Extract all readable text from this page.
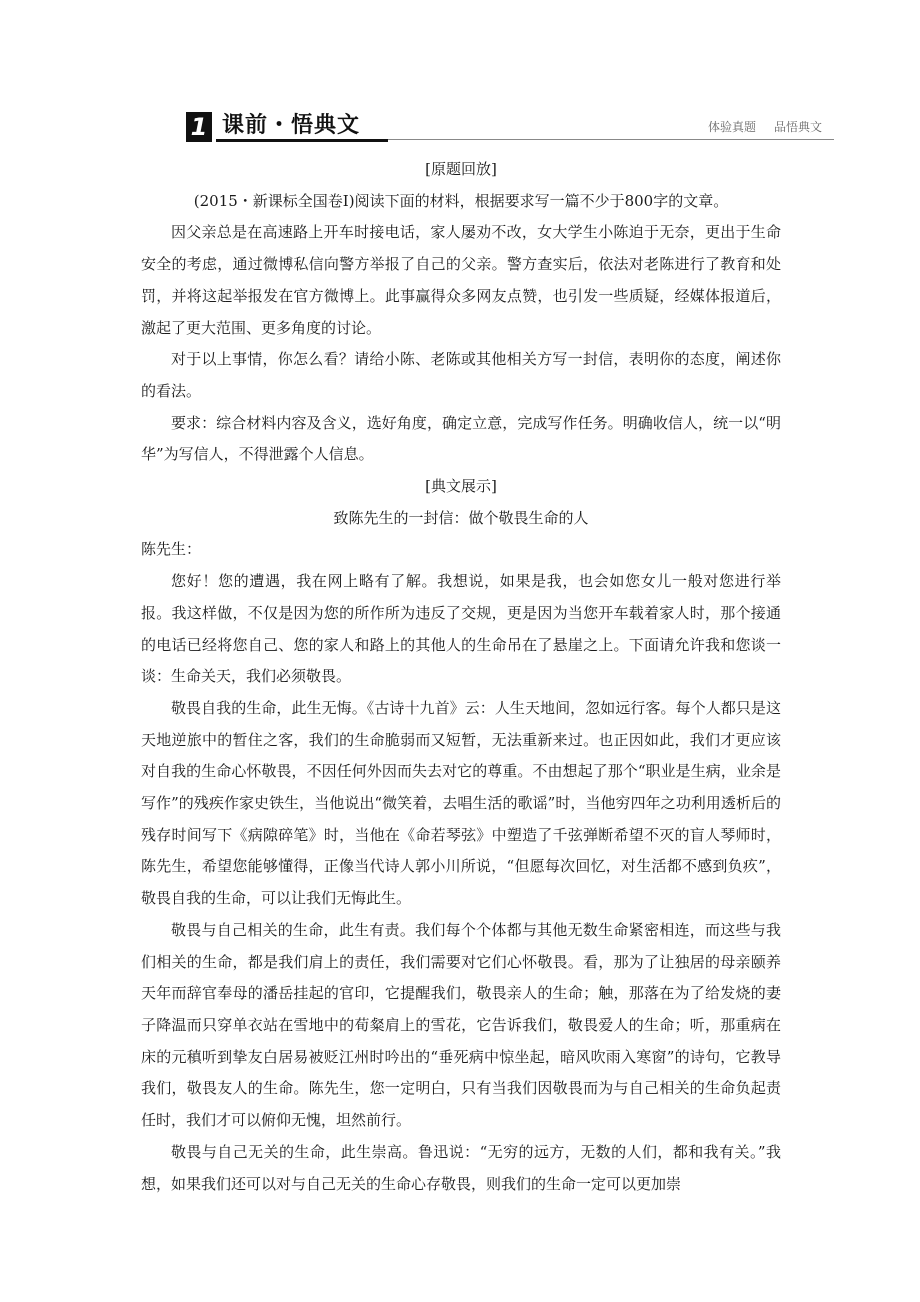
1 课前・悟典文	体验真题 品悟典文

[原题回放]

(2015・新课标全国卷Ⅰ)阅读下面的材料，根据要求写一篇不少于800字的文章。

因父亲总是在高速路上开车时接电话，家人屡劝不改，女大学生小陈迫于无奈，更出于生命安全的考虑，通过微博私信向警方举报了自己的父亲。警方查实后，依法对老陈进行了教育和处罚，并将这起举报发在官方微博上。此事赢得众多网友点赞，也引发一些质疑，经媒体报道后，激起了更大范围、更多角度的讨论。

对于以上事情，你怎么看？请给小陈、老陈或其他相关方写一封信，表明你的态度，阐述你的看法。

要求：综合材料内容及含义，选好角度，确定立意，完成写作任务。明确收信人，统一以“明华”为写信人，不得泄露个人信息。

[典文展示]

致陈先生的一封信：做个敬畏生命的人

陈先生：

您好！您的遭遇，我在网上略有了解。我想说，如果是我，也会如您女儿一般对您进行举报。我这样做，不仅是因为您的所作所为违反了交规，更是因为当您开车载着家人时，那个接通的电话已经将您自己、您的家人和路上的其他人的生命吊在了悬崖之上。下面请允许我和您谈一谈：生命关天，我们必须敬畏。

敬畏自我的生命，此生无悔。《古诗十九首》云：人生天地间，忽如远行客。每个人都只是这天地逆旅中的暂住之客，我们的生命脆弱而又短暂，无法重新来过。也正因如此，我们才更应该对自我的生命心怀敬畏，不因任何外因而失去对它的尊重。不由想起了那个“职业是生病，业余是写作”的残疾作家史铁生，当他说出“微笑着，去唱生活的歌谣”时，当他穷四年之功利用透析后的残存时间写下《病隙碎笔》时，当他在《命若琴弦》中塑造了千弦弹断希望不灭的盲人琴师时，陈先生，希望您能够懂得，正像当代诗人郭小川所说，“但愿每次回忆，对生活都不感到负疚”，敬畏自我的生命，可以让我们无悔此生。

敬畏与自己相关的生命，此生有责。我们每个个体都与其他无数生命紧密相连，而这些与我们相关的生命，都是我们肩上的责任，我们需要对它们心怀敬畏。看，那为了让独居的母亲颐养天年而辞官奉母的潘岳挂起的官印，它提醒我们，敬畏亲人的生命；触，那落在为了给发烧的妻子降温而只穿单衣站在雪地中的荀粲肩上的雪花，它告诉我们，敬畏爱人的生命；听，那重病在床的元稹听到挚友白居易被贬江州时吟出的“垂死病中惊坐起，暗风吹雨入寒窗”的诗句，它教导我们，敬畏友人的生命。陈先生，您一定明白，只有当我们因敬畏而为与自己相关的生命负起责任时，我们才可以俯仰无愧，坦然前行。

敬畏与自己无关的生命，此生崇高。鲁迅说：“无穷的远方，无数的人们，都和我有关。”我想，如果我们还可以对与自己无关的生命心存敬畏，则我们的生命一定可以更加崇
